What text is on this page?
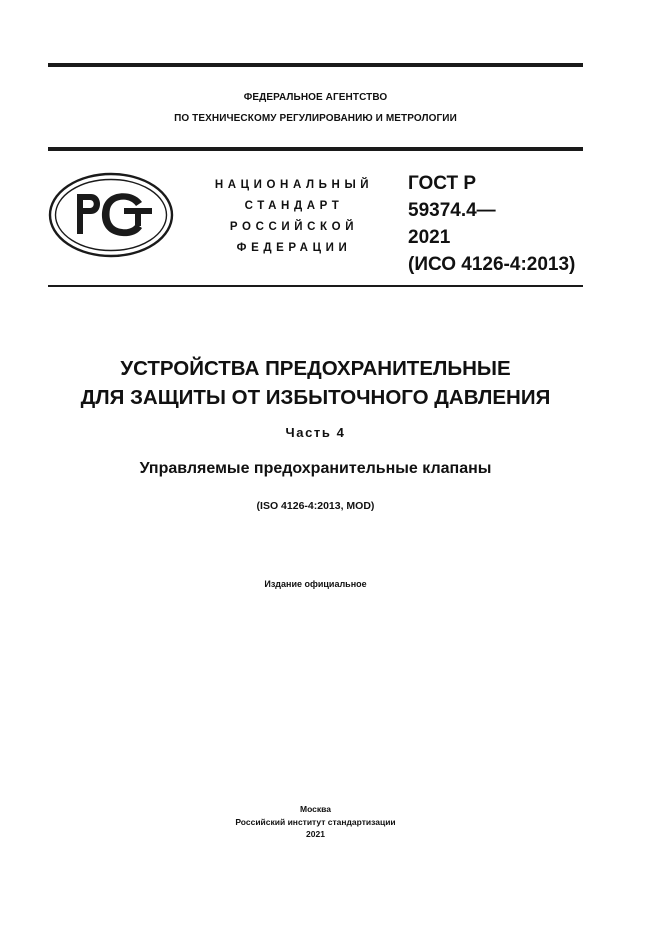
ФЕДЕРАЛЬНОЕ АГЕНТСТВО
ПО ТЕХНИЧЕСКОМУ РЕГУЛИРОВАНИЮ И МЕТРОЛОГИИ
НАЦИОНАЛЬНЫЙ
СТАНДАРТ
РОССИЙСКОЙ
ФЕДЕРАЦИИ
ГОСТ Р
59374.4—
2021
(ИСО 4126-4:2013)
УСТРОЙСТВА ПРЕДОХРАНИТЕЛЬНЫЕ
ДЛЯ ЗАЩИТЫ ОТ ИЗБЫТОЧНОГО ДАВЛЕНИЯ
Часть 4
Управляемые предохранительные клапаны
(ISO 4126-4:2013, MOD)
Издание официальное
Москва
Российский институт стандартизации
2021
